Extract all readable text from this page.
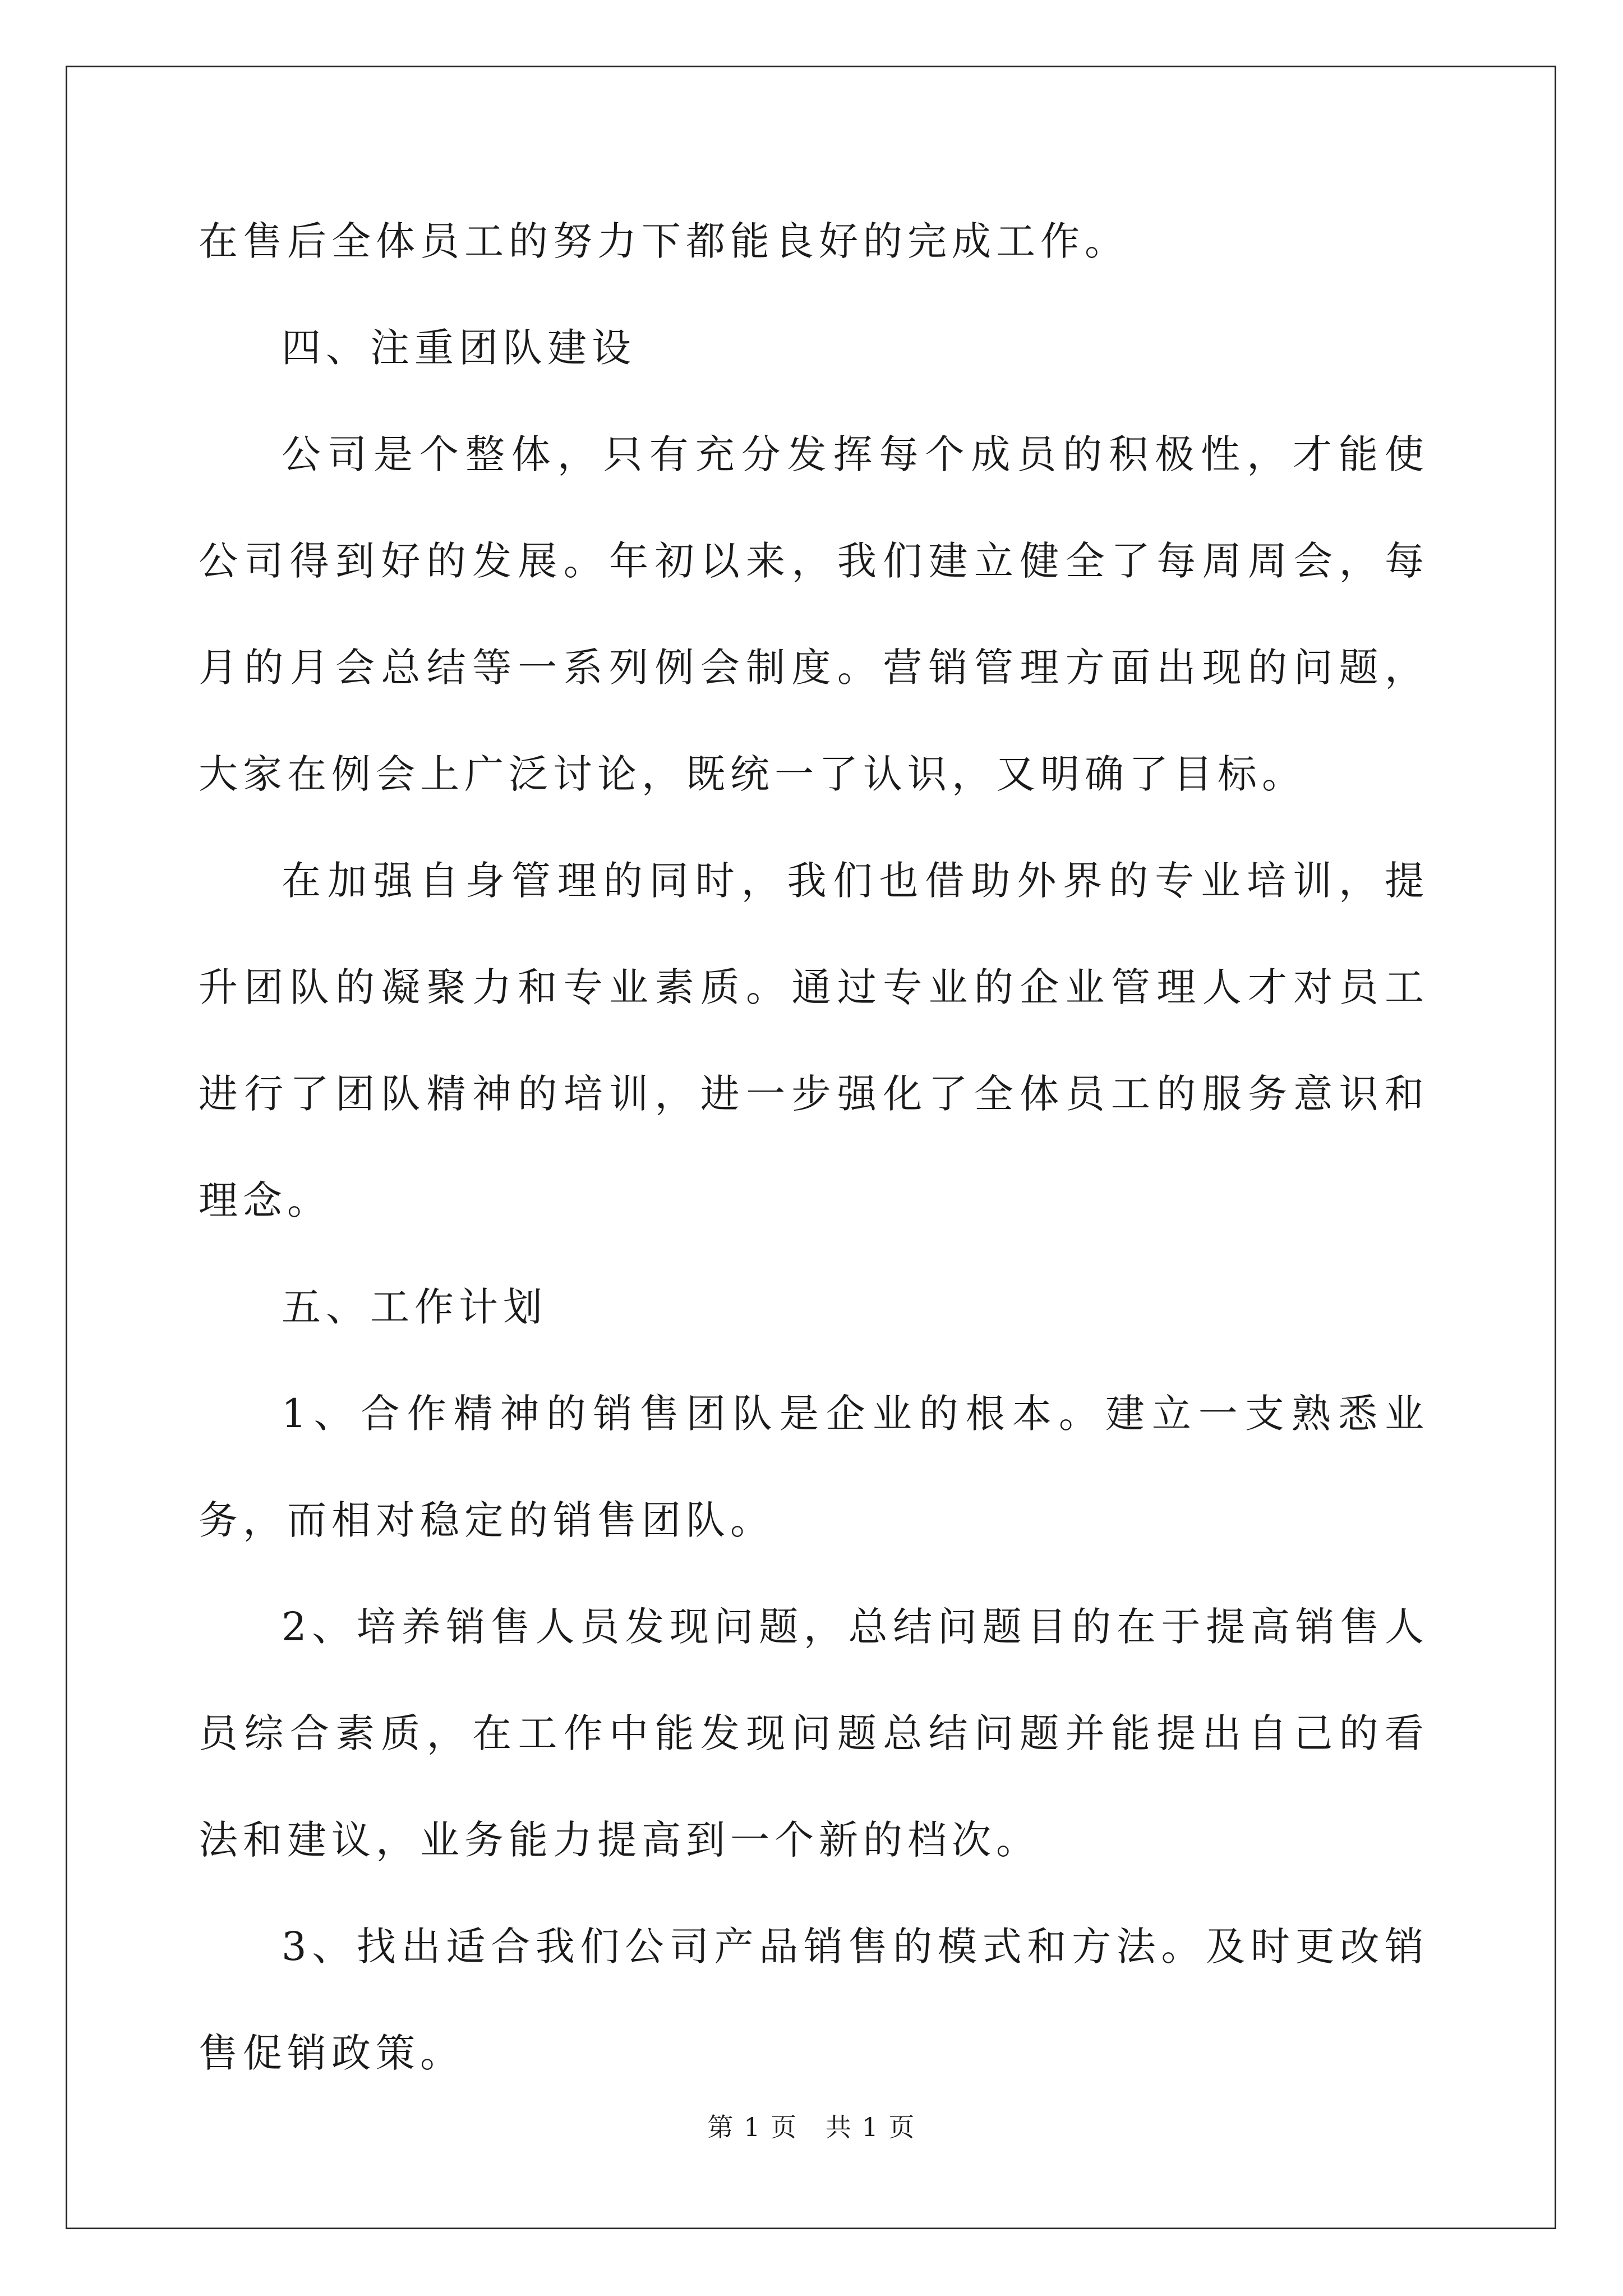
在售后全体员工的努力下都能良好的完成工作。

四、注重团队建设

公司是个整体，只有充分发挥每个成员的积极性，才能使公司得到好的发展。年初以来，我们建立健全了每周周会，每月的月会总结等一系列例会制度。营销管理方面出现的问题，大家在例会上广泛讨论，既统一了认识，又明确了目标。

在加强自身管理的同时，我们也借助外界的专业培训，提升团队的凝聚力和专业素质。通过专业的企业管理人才对员工进行了团队精神的培训，进一步强化了全体员工的服务意识和理念。

五、工作计划

1、合作精神的销售团队是企业的根本。建立一支熟悉业务，而相对稳定的销售团队。

2、培养销售人员发现问题，总结问题目的在于提高销售人员综合素质，在工作中能发现问题总结问题并能提出自己的看法和建议，业务能力提高到一个新的档次。

3、找出适合我们公司产品销售的模式和方法。及时更改销售促销政策。

第 1 页   共 1 页
